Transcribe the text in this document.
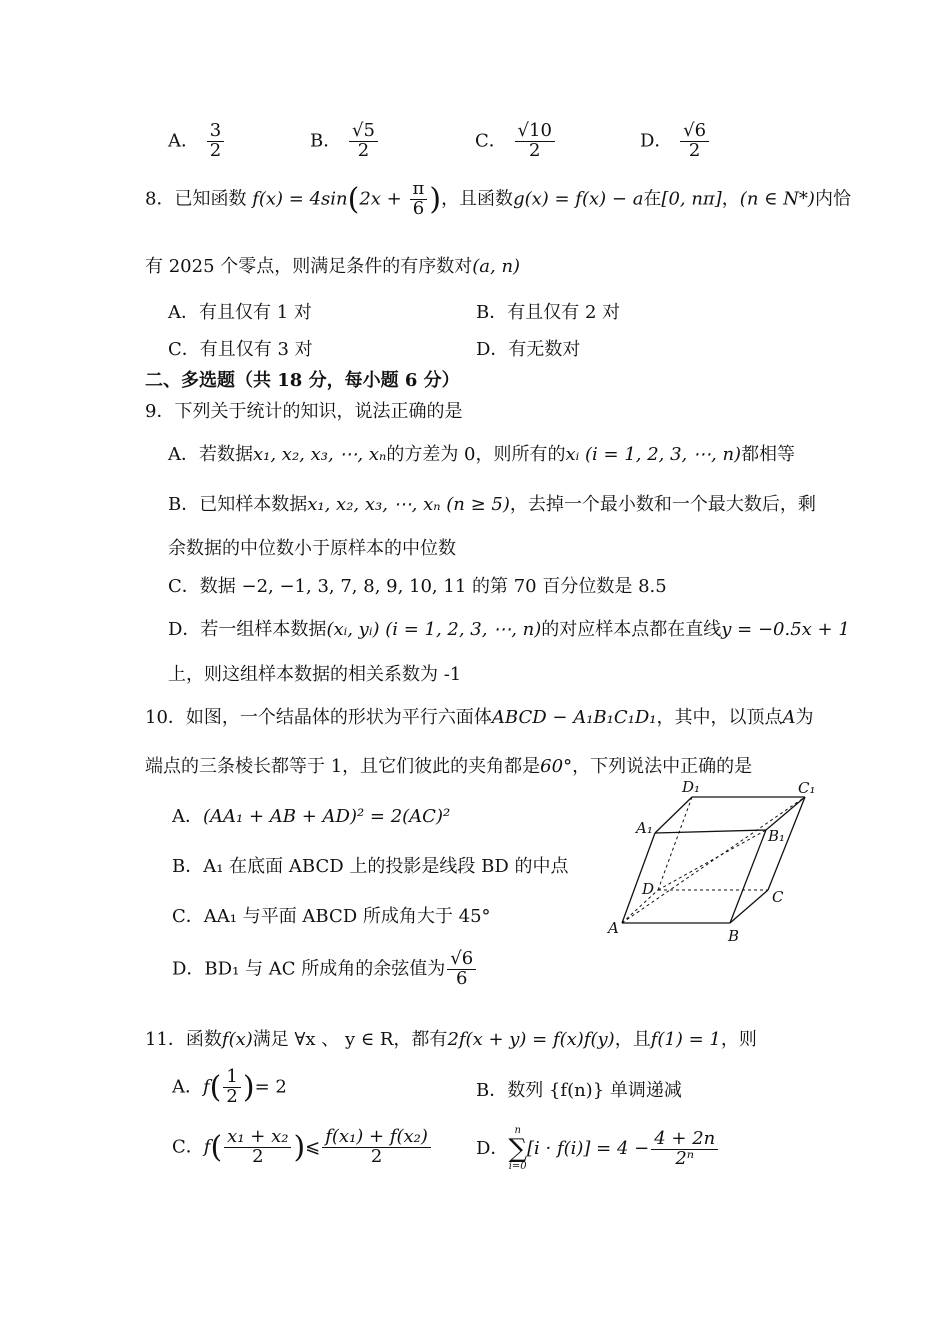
A． $\frac{3}{2}$	B． $\frac{√5}{2}$	C． $\frac{√10}{2}$	D． $\frac{√6}{2}$
8．已知函数 $f(x) = 4\sin(2x + \frac{\pi}{6}$ )，且函数g(x) = f(x) − a在[0, nπ]，(n ∈ N*)内恰
有 2025 个零点，则满足条件的有序数对(a, n)
A．有且仅有 1 对	B．有且仅有 2 对
C．有且仅有 3 对	D．有无数对
二、多选题（共 18 分，每小题 6 分）
9．下列关于统计的知识，说法正确的是
A．若数据x₁, x₂, x₃, ⋯, xₙ的方差为 0，则所有的xᵢ (i = 1, 2, 3, ⋯, n)都相等
B．已知样本数据x₁, x₂, x₃, ⋯, xₙ (n ≥ 5)，去掉一个最小数和一个最大数后，剩
余数据的中位数小于原样本的中位数
C．数据 −2, −1, 3, 7, 8, 9, 10, 11 的第 70 百分位数是 8.5
D．若一组样本数据(xᵢ, yᵢ) (i = 1, 2, 3, ⋯, n)的对应样本点都在直线y = −0.5x + 1
上，则这组样本数据的相关系数为 -1
10．如图，一个结晶体的形状为平行六面体ABCD − A₁B₁C₁D₁，其中，以顶点A为
端点的三条棱长都等于 1，且它们彼此的夹角都是60°，下列说法中正确的是
A．(AA₁ + AB + AD)² = 2(AC)²
B．A₁ 在底面 ABCD 上的投影是线段 BD 的中点
C．AA₁ 与平面 ABCD 所成角大于 45°
D．BD₁ 与 AC 所成角的余弦值为 $\frac{√6}{6}$
A	B
C
D
A₁	B₁
C₁
D₁
11．函数f(x)满足 ∀x 、 y ∈ R，都有2f(x + y) = f(x)f(y)，且f(1) = 1，则
A．$f( \frac{1}{2}$ )= 2	B．数列 {f(n)} 单调递减
C．$f( \frac{\text{x₁ + x₂}}{2}$ )⩽ $\frac{\text{f(x₁) + f(x₂)}}{2}$	D．
n
∑
i=0
$[i \cdot f(i)] = 4 - \frac{4 + 2n}{\text{2ⁿ}}$
